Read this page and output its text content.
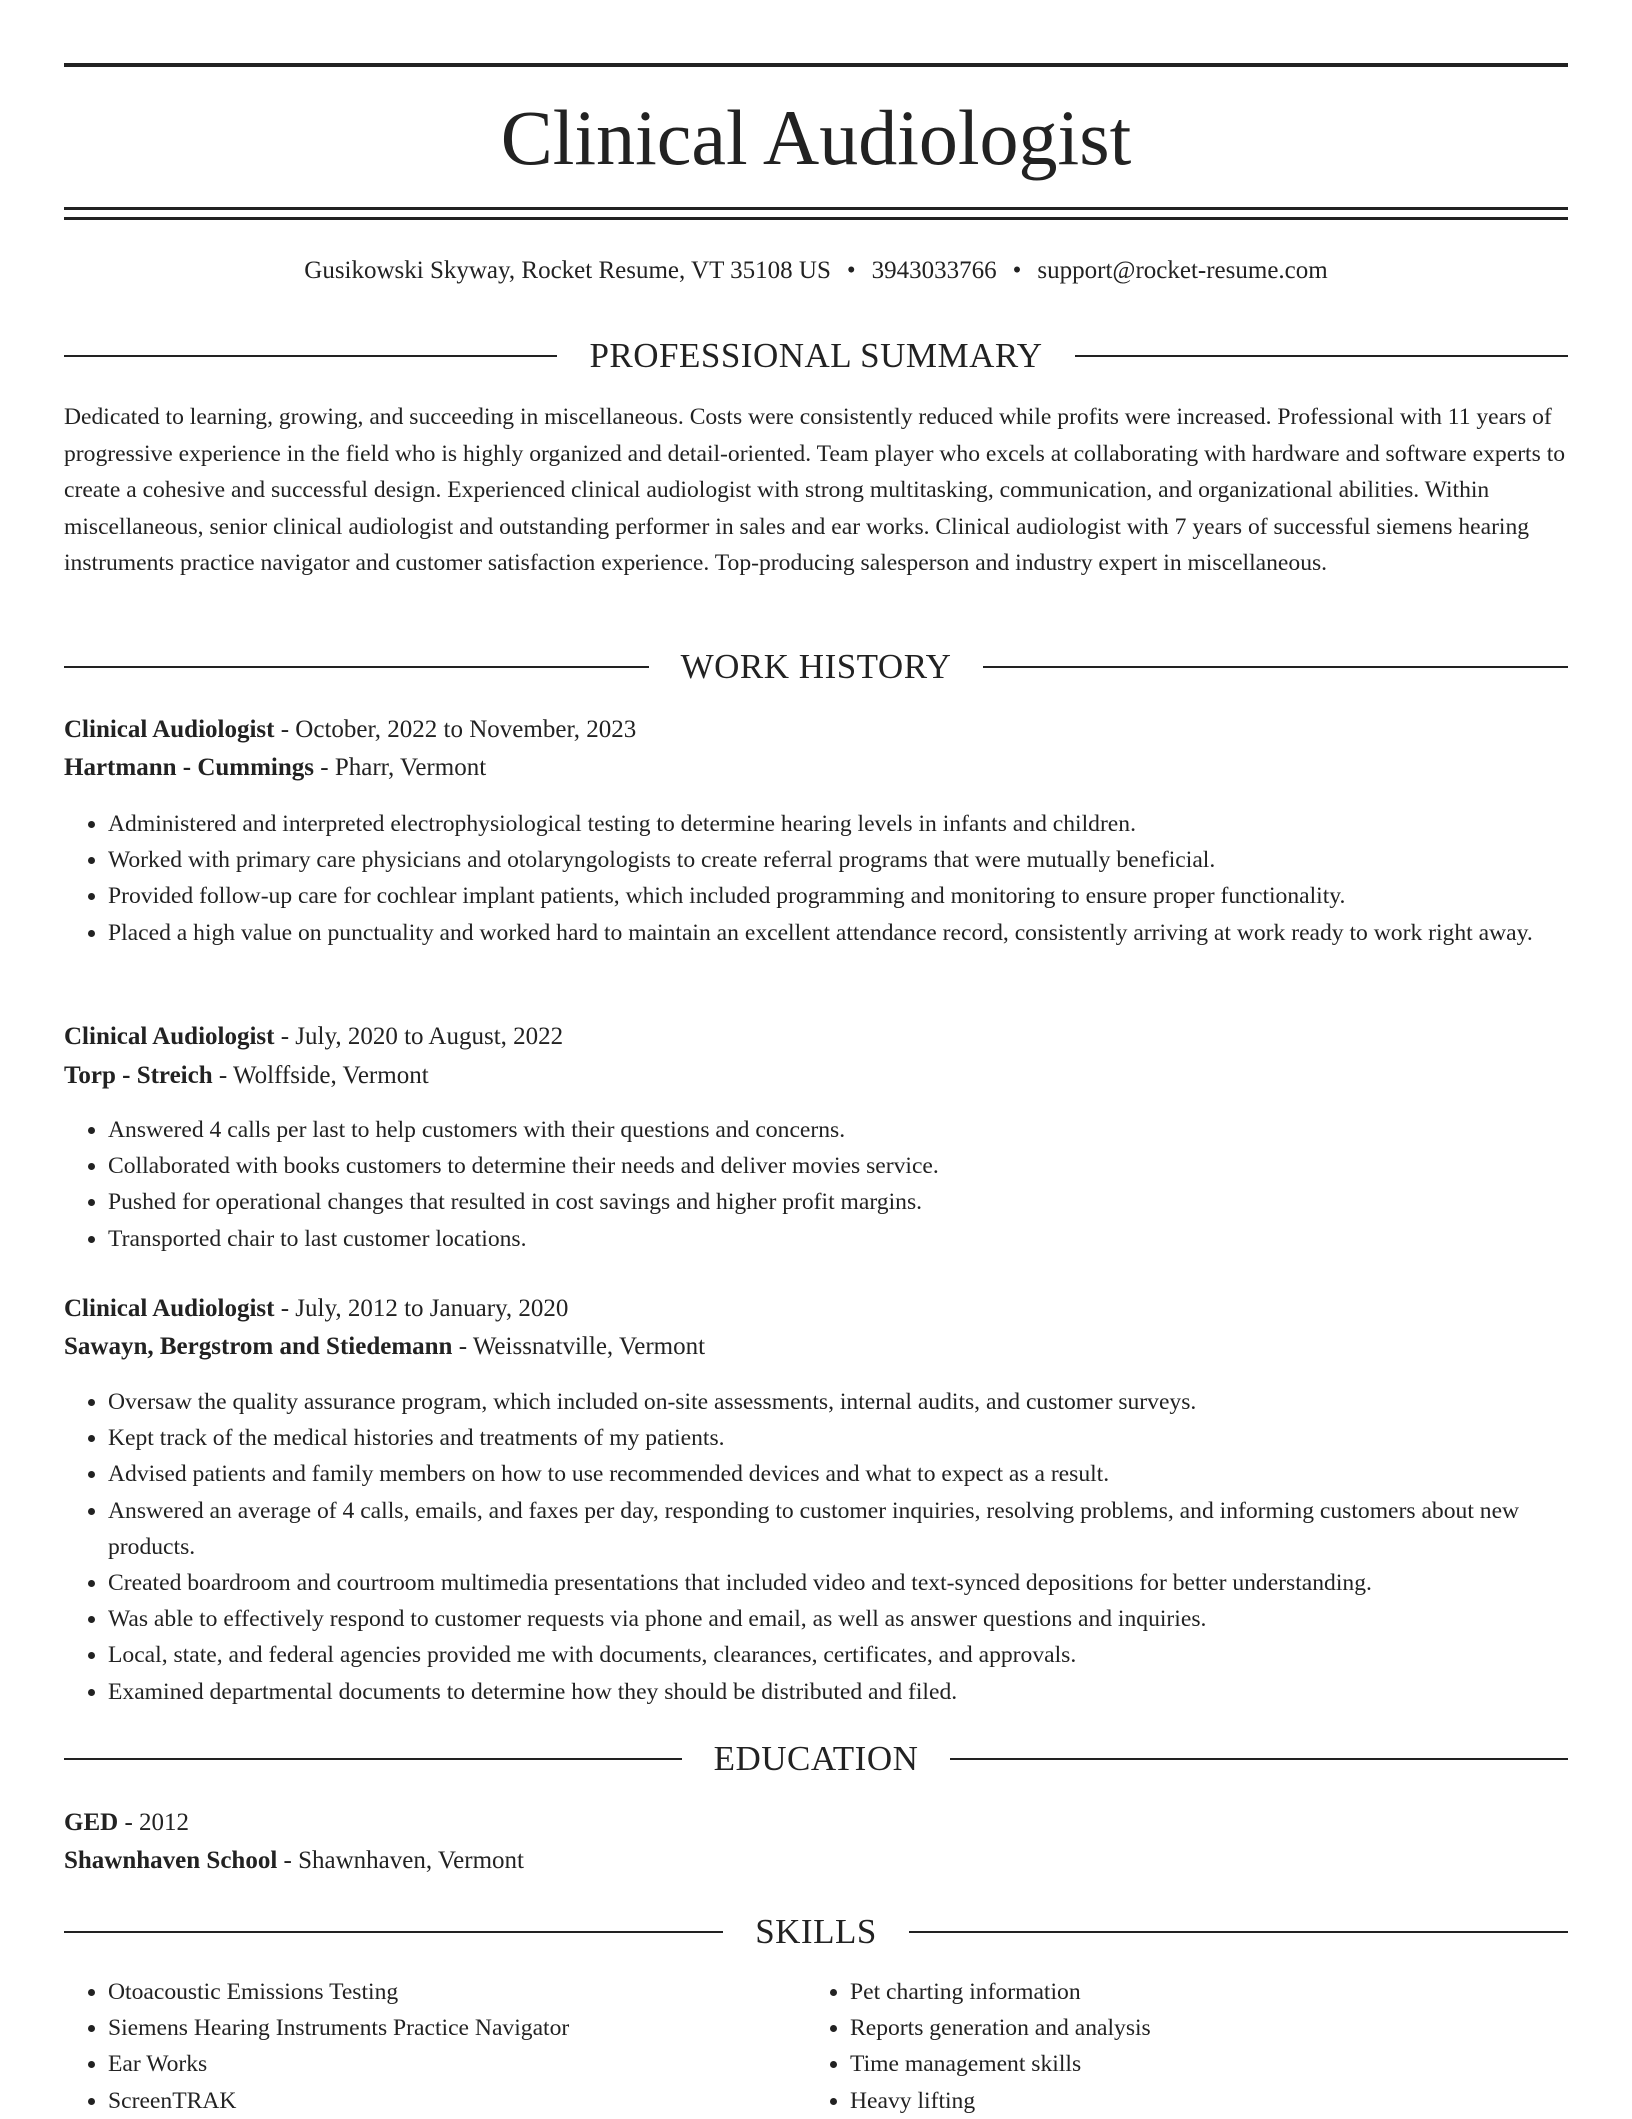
Clinical Audiologist
Gusikowski Skyway, Rocket Resume, VT 35108 US • 3943033766 • support@rocket-resume.com
PROFESSIONAL SUMMARY

Dedicated to learning, growing, and succeeding in miscellaneous. Costs were consistently reduced while profits were increased. Professional with 11 years of progressive experience in the field who is highly organized and detail-oriented. Team player who excels at collaborating with hardware and software experts to create a cohesive and successful design. Experienced clinical audiologist with strong multitasking, communication, and organizational abilities. Within miscellaneous, senior clinical audiologist and outstanding performer in sales and ear works. Clinical audiologist with 7 years of successful siemens hearing instruments practice navigator and customer satisfaction experience. Top-producing salesperson and industry expert in miscellaneous.

WORK HISTORY
Clinical Audiologist - October, 2022 to November, 2023
Hartmann - Cummings - Pharr, Vermont
• Administered and interpreted electrophysiological testing to determine hearing levels in infants and children.
• Worked with primary care physicians and otolaryngologists to create referral programs that were mutually beneficial.
• Provided follow-up care for cochlear implant patients, which included programming and monitoring to ensure proper functionality.
• Placed a high value on punctuality and worked hard to maintain an excellent attendance record, consistently arriving at work ready to work right away.
Clinical Audiologist - July, 2020 to August, 2022
Torp - Streich - Wolffside, Vermont
• Answered 4 calls per last to help customers with their questions and concerns.
• Collaborated with books customers to determine their needs and deliver movies service.
• Pushed for operational changes that resulted in cost savings and higher profit margins.
• Transported chair to last customer locations.
Clinical Audiologist - July, 2012 to January, 2020
Sawayn, Bergstrom and Stiedemann - Weissnatville, Vermont
• Oversaw the quality assurance program, which included on-site assessments, internal audits, and customer surveys.
• Kept track of the medical histories and treatments of my patients.
• Advised patients and family members on how to use recommended devices and what to expect as a result.
• Answered an average of 4 calls, emails, and faxes per day, responding to customer inquiries, resolving problems, and informing customers about new products.
• Created boardroom and courtroom multimedia presentations that included video and text-synced depositions for better understanding.
• Was able to effectively respond to customer requests via phone and email, as well as answer questions and inquiries.
• Local, state, and federal agencies provided me with documents, clearances, certificates, and approvals.
• Examined departmental documents to determine how they should be distributed and filed.
EDUCATION
GED - 2012
Shawnhaven School - Shawnhaven, Vermont
SKILLS
• Otoacoustic Emissions Testing
• Siemens Hearing Instruments Practice Navigator
• Ear Works
• ScreenTRAK
• Pet charting information
• Reports generation and analysis
• Time management skills
• Heavy lifting
